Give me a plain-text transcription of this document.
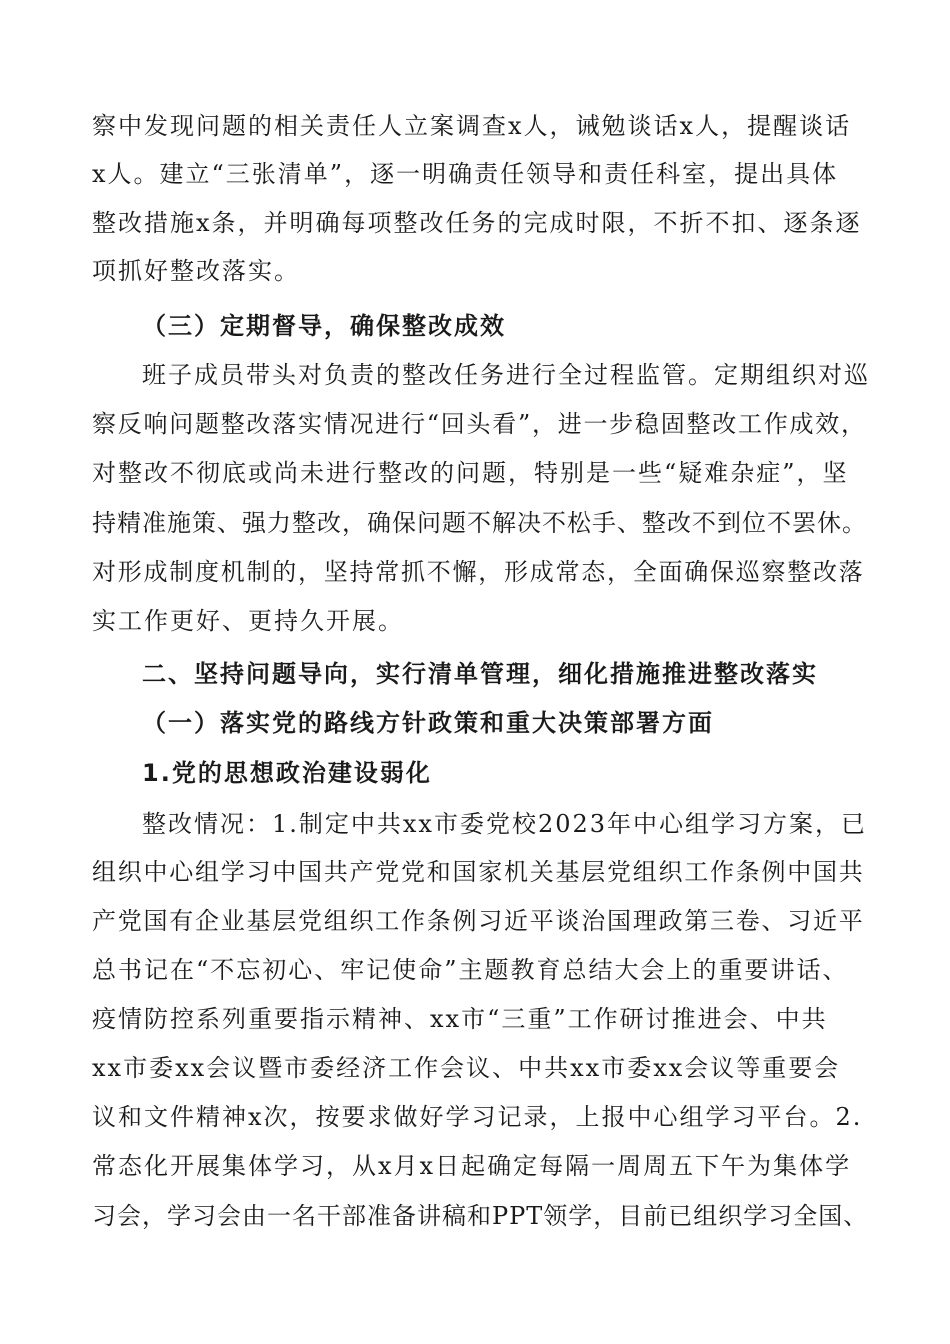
察中发现问题的相关责任人立案调查x人，诫勉谈话x人，提醒谈话
x人。建立“三张清单”，逐一明确责任领导和责任科室，提出具体
整改措施x条，并明确每项整改任务的完成时限，不折不扣、逐条逐
项抓好整改落实。
（三）定期督导，确保整改成效
班子成员带头对负责的整改任务进行全过程监管。定期组织对巡
察反响问题整改落实情况进行“回头看”，进一步稳固整改工作成效，
对整改不彻底或尚未进行整改的问题，特别是一些“疑难杂症”，坚
持精准施策、强力整改，确保问题不解决不松手、整改不到位不罢休。
对形成制度机制的，坚持常抓不懈，形成常态，全面确保巡察整改落
实工作更好、更持久开展。
二、坚持问题导向，实行清单管理，细化措施推进整改落实
（一）落实党的路线方针政策和重大决策部署方面
1.党的思想政治建设弱化
整改情况：1.制定中共xx市委党校2023年中心组学习方案，已
组织中心组学习中国共产党党和国家机关基层党组织工作条例中国共
产党国有企业基层党组织工作条例习近平谈治国理政第三卷、习近平
总书记在“不忘初心、牢记使命”主题教育总结大会上的重要讲话、
疫情防控系列重要指示精神、xx市“三重”工作研讨推进会、中共
xx市委xx会议暨市委经济工作会议、中共xx市委xx会议等重要会
议和文件精神x次，按要求做好学习记录，上报中心组学习平台。2.
常态化开展集体学习，从x月x日起确定每隔一周周五下午为集体学
习会，学习会由一名干部准备讲稿和PPT领学，目前已组织学习全国、
